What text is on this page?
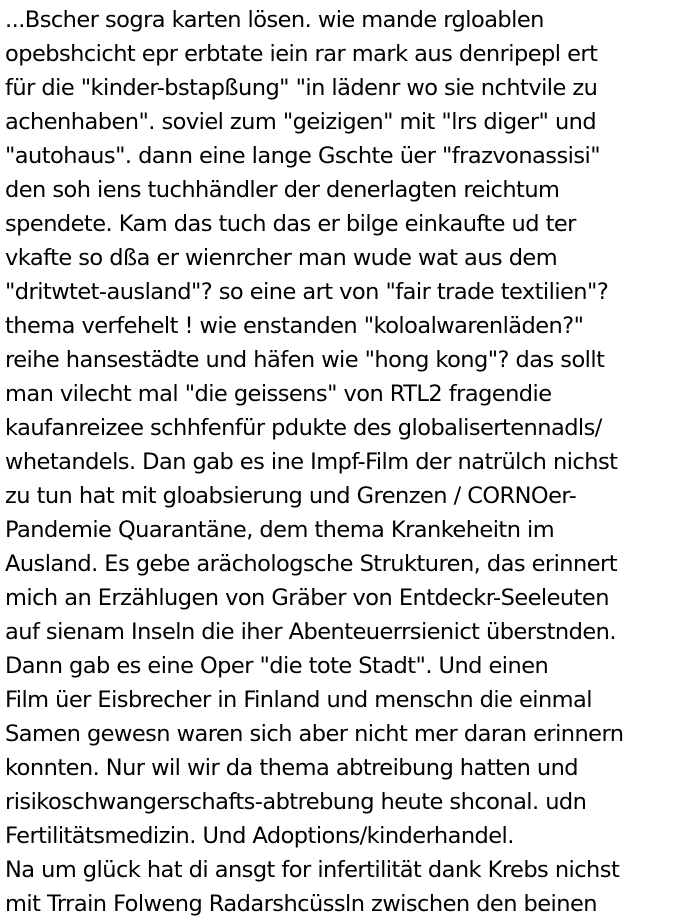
...Bscher sogra karten lösen. wie mande rgloablen
opebshcicht epr erbtate iein rar mark aus denripepl ert
für die "kinder-bstapßung" "in lädenr wo sie nchtvile zu
achenhaben". soviel zum "geizigen" mit "lrs diger" und
"autohaus". dann eine lange Gschte üer "frazvonassisi"
den soh iens tuchhändler der denerlagten reichtum
spendete. Kam das tuch das er bilge einkaufte ud ter
vkafte so dßa er wienrcher man wude wat aus dem
"dritwtet-ausland"? so eine art von "fair trade textilien"?
thema verfehelt ! wie enstanden "koloalwarenläden?"
reihe hansestädte und häfen wie "hong kong"? das sollt
man vilecht mal "die geissens" von RTL2 fragendie
kaufanreizee schhfenfür pdukte des globalisertennadls/
whetandels. Dan gab es ine Impf-Film der natrülch nichst
zu tun hat mit gloabsierung und Grenzen / CORNOer-
Pandemie Quarantäne, dem thema Krankeheitn im
Ausland. Es gebe arächologsche Strukturen, das erinnert
mich an Erzählugen von Gräber von Entdeckr-Seeleuten
auf sienam Inseln die iher Abenteuerrsienict überstnden.
Dann gab es eine Oper "die tote Stadt". Und einen
Film üer Eisbrecher in Finland und menschn die einmal
Samen gewesn waren sich aber nicht mer daran erinnern
konnten. Nur wil wir da thema abtreibung hatten und
risikoschwangerschafts-abtrebung heute shconal. udn
Fertilitätsmedizin. Und Adoptions/kinderhandel.
Na um glück hat di ansgt for infertilität dank Krebs nichst
mit Trrain Folweng Radarshcüssln zwischen den beinen
